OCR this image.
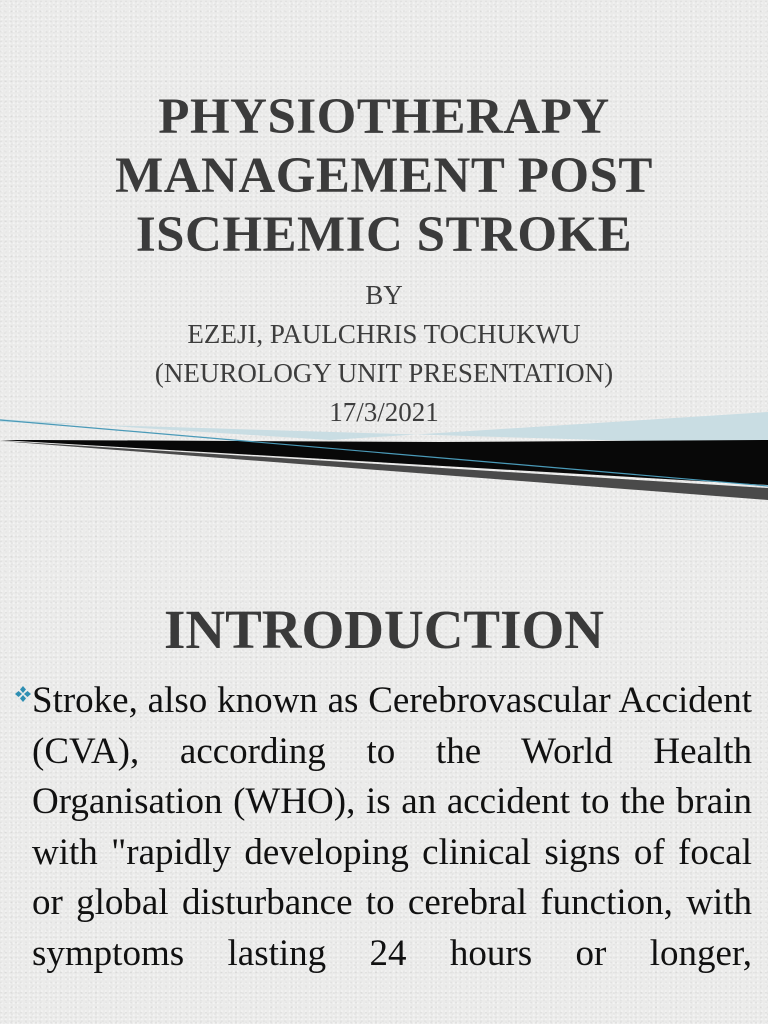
PHYSIOTHERAPY
MANAGEMENT POST
ISCHEMIC STROKE
BY
EZEJI, PAULCHRIS TOCHUKWU
(NEUROLOGY UNIT PRESENTATION)
17/3/2021
INTRODUCTION
Stroke, also known as Cerebrovascular Accident (CVA), according to the World Health Organisation (WHO), is an accident to the brain with "rapidly developing clinical signs of focal or global disturbance to cerebral function, with symptoms lasting 24 hours or longer,
